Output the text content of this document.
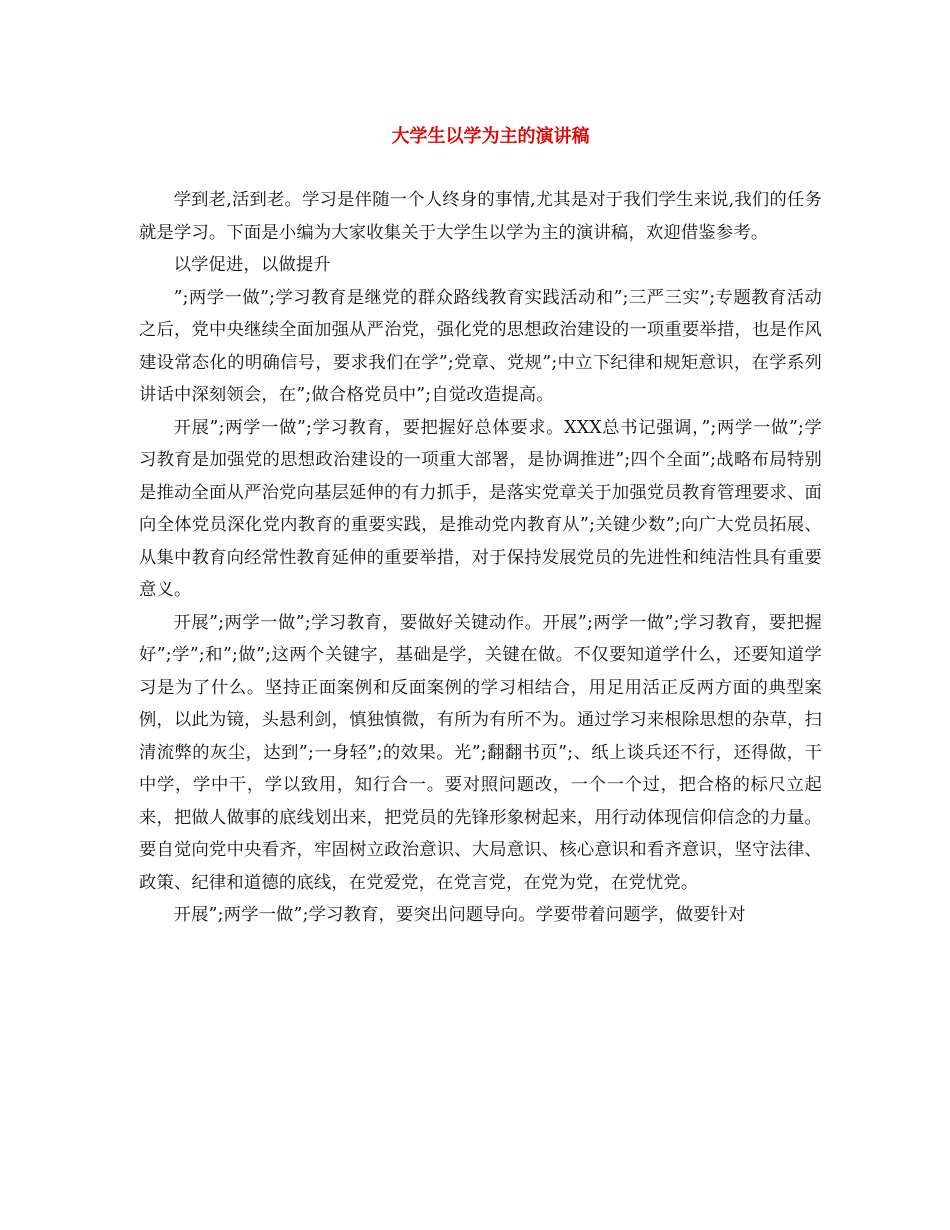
大学生以学为主的演讲稿

学到老,活到老。学习是伴随一个人终身的事情,尤其是对于我们学生来说,我们的任务就是学习。下面是小编为大家收集关于大学生以学为主的演讲稿，欢迎借鉴参考。

以学促进，以做提升

”;两学一做”;学习教育是继党的群众路线教育实践活动和”;三严三实”;专题教育活动之后，党中央继续全面加强从严治党，强化党的思想政治建设的一项重要举措，也是作风建设常态化的明确信号，要求我们在学”;党章、党规”;中立下纪律和规矩意识，在学系列讲话中深刻领会，在”;做合格党员中”;自觉改造提高。

开展”;两学一做”;学习教育，要把握好总体要求。XXX总书记强调，”;两学一做”;学习教育是加强党的思想政治建设的一项重大部署，是协调推进”;四个全面”;战略布局特别是推动全面从严治党向基层延伸的有力抓手，是落实党章关于加强党员教育管理要求、面向全体党员深化党内教育的重要实践，是推动党内教育从”;关键少数”;向广大党员拓展、从集中教育向经常性教育延伸的重要举措，对于保持发展党员的先进性和纯洁性具有重要意义。

开展”;两学一做”;学习教育，要做好关键动作。开展”;两学一做”;学习教育，要把握好”;学”;和”;做”;这两个关键字，基础是学，关键在做。不仅要知道学什么，还要知道学习是为了什么。坚持正面案例和反面案例的学习相结合，用足用活正反两方面的典型案例，以此为镜，头悬利剑，慎独慎微，有所为有所不为。通过学习来根除思想的杂草，扫清流弊的灰尘，达到”;一身轻”;的效果。光”;翻翻书页”;、纸上谈兵还不行，还得做，干中学，学中干，学以致用，知行合一。要对照问题改，一个一个过，把合格的标尺立起来，把做人做事的底线划出来，把党员的先锋形象树起来，用行动体现信仰信念的力量。要自觉向党中央看齐，牢固树立政治意识、大局意识、核心意识和看齐意识，坚守法律、政策、纪律和道德的底线，在党爱党，在党言党，在党为党，在党忧党。

开展”;两学一做”;学习教育，要突出问题导向。学要带着问题学，做要针对
